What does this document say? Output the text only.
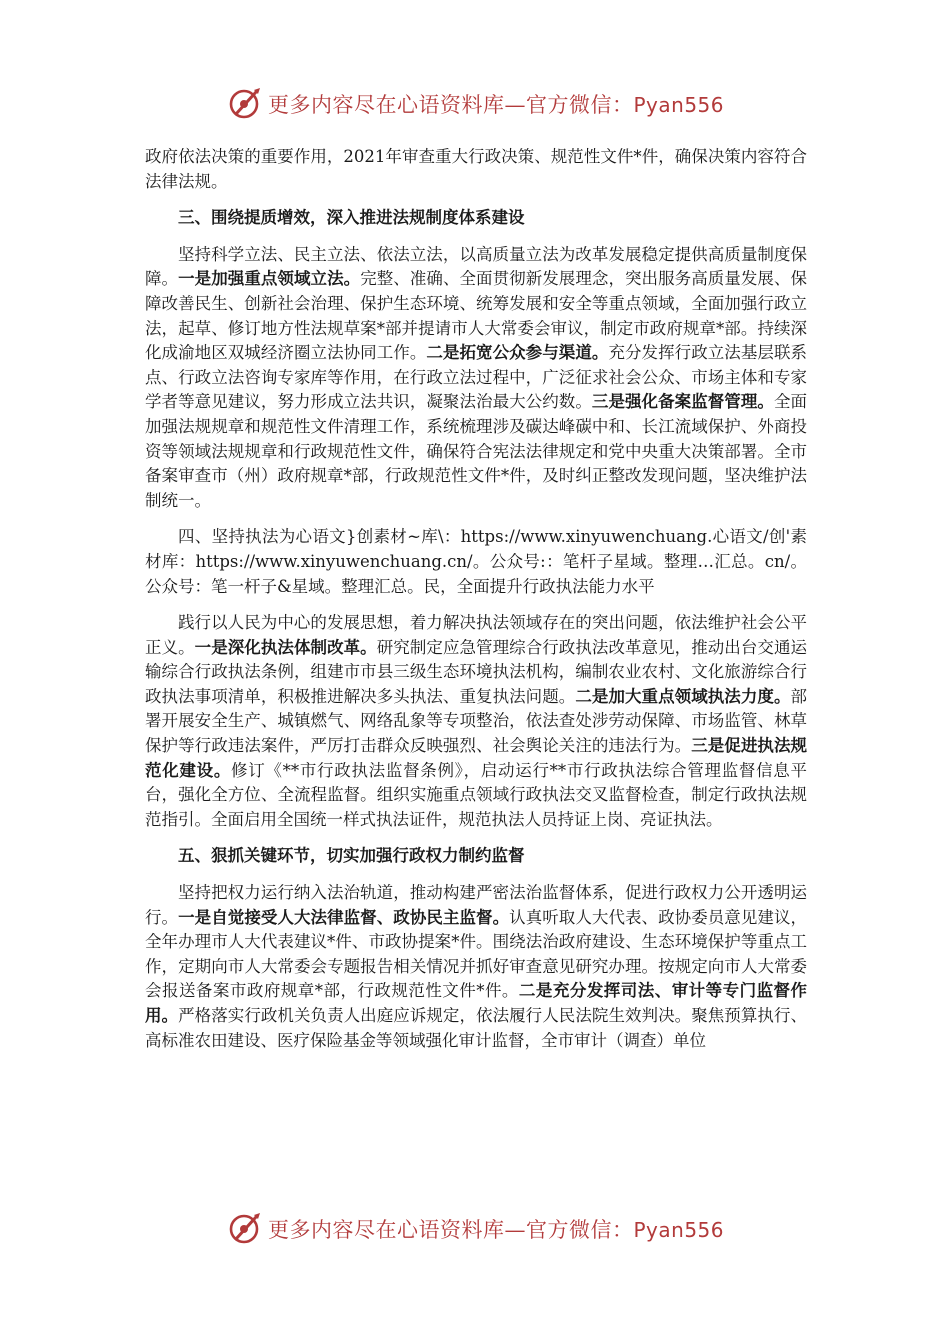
更多内容尽在心语资料库—官方微信：Pyan556

政府依法决策的重要作用，2021年审查重大行政决策、规范性文件*件，确保决策内容符合法律法规。

三、围绕提质增效，深入推进法规制度体系建设

坚持科学立法、民主立法、依法立法，以高质量立法为改革发展稳定提供高质量制度保障。一是加强重点领域立法。完整、准确、全面贯彻新发展理念，突出服务高质量发展、保障改善民生、创新社会治理、保护生态环境、统筹发展和安全等重点领域，全面加强行政立法，起草、修订地方性法规草案*部并提请市人大常委会审议，制定市政府规章*部。持续深化成渝地区双城经济圈立法协同工作。二是拓宽公众参与渠道。充分发挥行政立法基层联系点、行政立法咨询专家库等作用，在行政立法过程中，广泛征求社会公众、市场主体和专家学者等意见建议，努力形成立法共识，凝聚法治最大公约数。三是强化备案监督管理。全面加强法规规章和规范性文件清理工作，系统梳理涉及碳达峰碳中和、长江流域保护、外商投资等领域法规规章和行政规范性文件，确保符合宪法法律规定和党中央重大决策部署。全市备案审查市（州）政府规章*部，行政规范性文件*件，及时纠正整改发现问题，坚决维护法制统一。

四、坚持执法为心语文}创素材~库\：https://www.xinyuwenchuang.心语文/创'素材库：https://www.xinyuwenchuang.cn/。公众号:：笔杆子星域。整理…汇总。cn/。公众号：笔一杆子&星域。整理汇总。民，全面提升行政执法能力水平

践行以人民为中心的发展思想，着力解决执法领域存在的突出问题，依法维护社会公平正义。一是深化执法体制改革。研究制定应急管理综合行政执法改革意见，推动出台交通运输综合行政执法条例，组建市市县三级生态环境执法机构，编制农业农村、文化旅游综合行政执法事项清单，积极推进解决多头执法、重复执法问题。二是加大重点领域执法力度。部署开展安全生产、城镇燃气、网络乱象等专项整治，依法查处涉劳动保障、市场监管、林草保护等行政违法案件，严厉打击群众反映强烈、社会舆论关注的违法行为。三是促进执法规范化建设。修订《**市行政执法监督条例》，启动运行**市行政执法综合管理监督信息平台，强化全方位、全流程监督。组织实施重点领域行政执法交叉监督检查，制定行政执法规范指引。全面启用全国统一样式执法证件，规范执法人员持证上岗、亮证执法。

五、狠抓关键环节，切实加强行政权力制约监督

坚持把权力运行纳入法治轨道，推动构建严密法治监督体系，促进行政权力公开透明运行。一是自觉接受人大法律监督、政协民主监督。认真听取人大代表、政协委员意见建议，全年办理市人大代表建议*件、市政协提案*件。围绕法治政府建设、生态环境保护等重点工作，定期向市人大常委会专题报告相关情况并抓好审查意见研究办理。按规定向市人大常委会报送备案市政府规章*部，行政规范性文件*件。二是充分发挥司法、审计等专门监督作用。严格落实行政机关负责人出庭应诉规定，依法履行人民法院生效判决。聚焦预算执行、高标准农田建设、医疗保险基金等领域强化审计监督，全市审计（调查）单位

更多内容尽在心语资料库—官方微信：Pyan556
